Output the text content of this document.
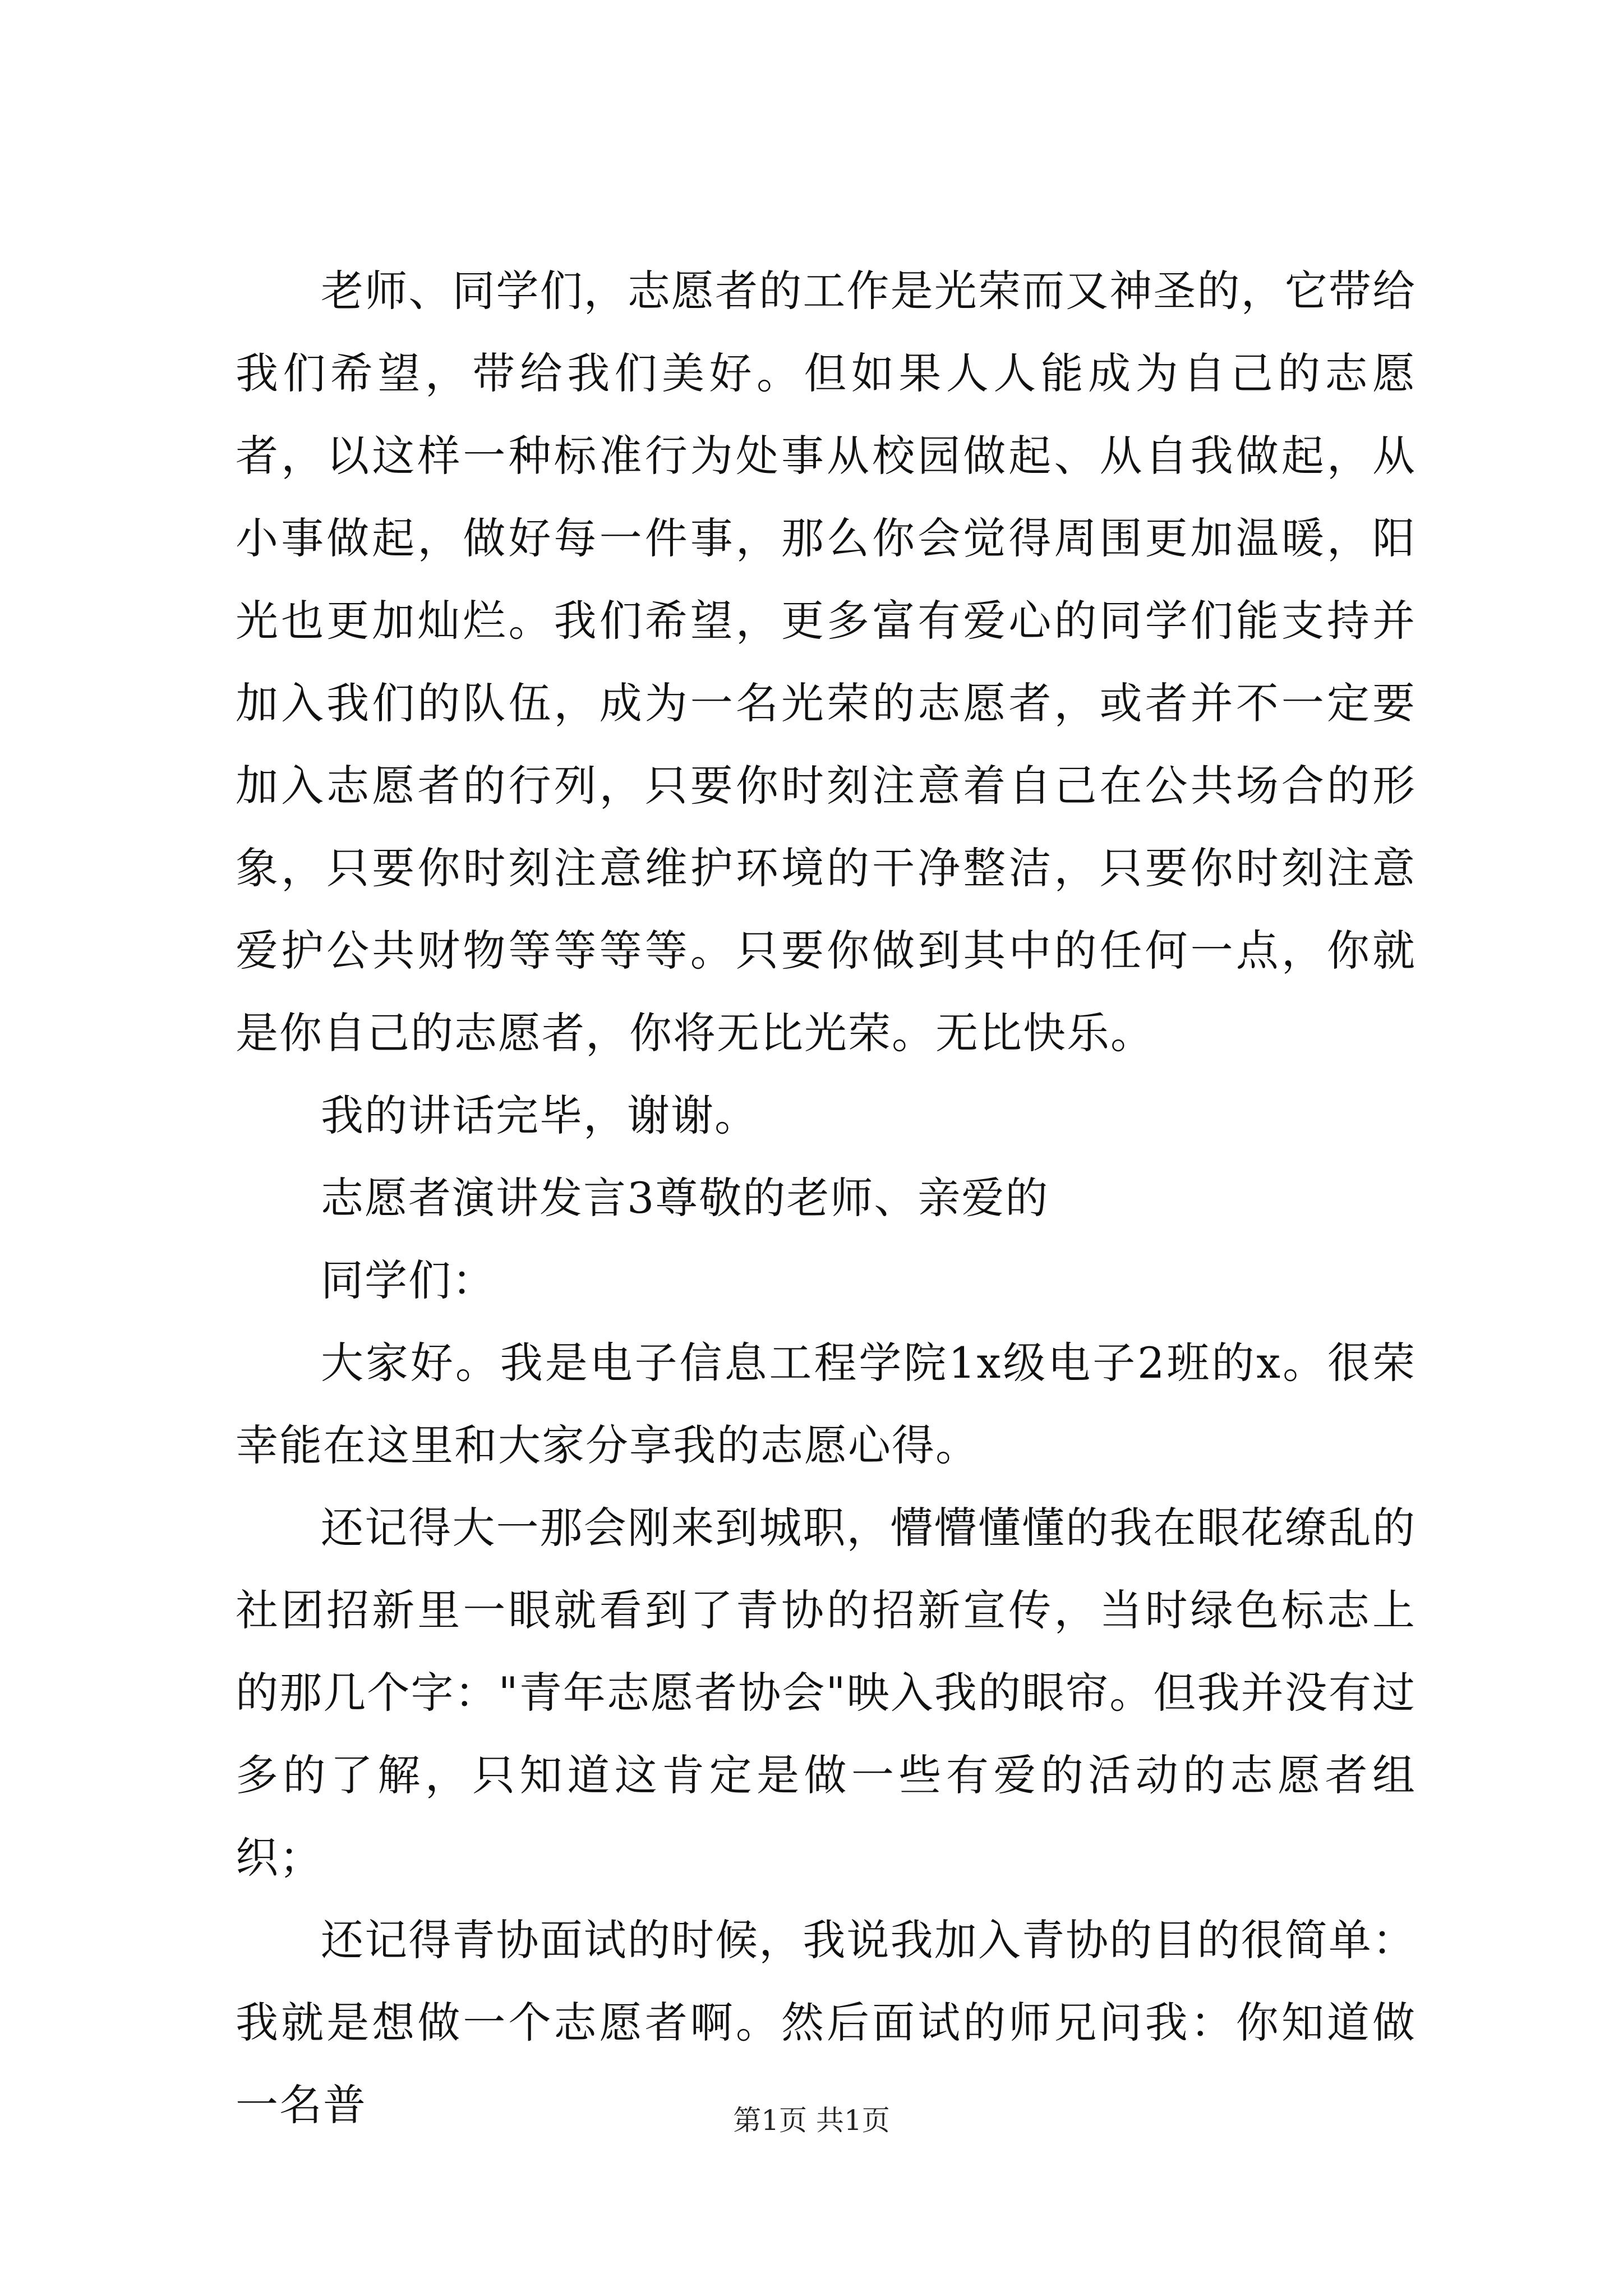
老师、同学们，志愿者的工作是光荣而又神圣的，它带给我们希望，带给我们美好。但如果人人能成为自己的志愿者，以这样一种标准行为处事从校园做起、从自我做起，从小事做起，做好每一件事，那么你会觉得周围更加温暖，阳光也更加灿烂。我们希望，更多富有爱心的同学们能支持并加入我们的队伍，成为一名光荣的志愿者，或者并不一定要加入志愿者的行列，只要你时刻注意着自己在公共场合的形象，只要你时刻注意维护环境的干净整洁，只要你时刻注意爱护公共财物等等等等。只要你做到其中的任何一点，你就是你自己的志愿者，你将无比光荣。无比快乐。

我的讲话完毕，谢谢。

志愿者演讲发言3尊敬的老师、亲爱的

同学们：

大家好。我是电子信息工程学院1x级电子2班的x。很荣幸能在这里和大家分享我的志愿心得。

还记得大一那会刚来到城职，懵懵懂懂的我在眼花缭乱的社团招新里一眼就看到了青协的招新宣传，当时绿色标志上的那几个字："青年志愿者协会"映入我的眼帘。但我并没有过多的了解，只知道这肯定是做一些有爱的活动的志愿者组织；

还记得青协面试的时候，我说我加入青协的目的很简单：我就是想做一个志愿者啊。然后面试的师兄问我：你知道做一名普	第1页 共1页
